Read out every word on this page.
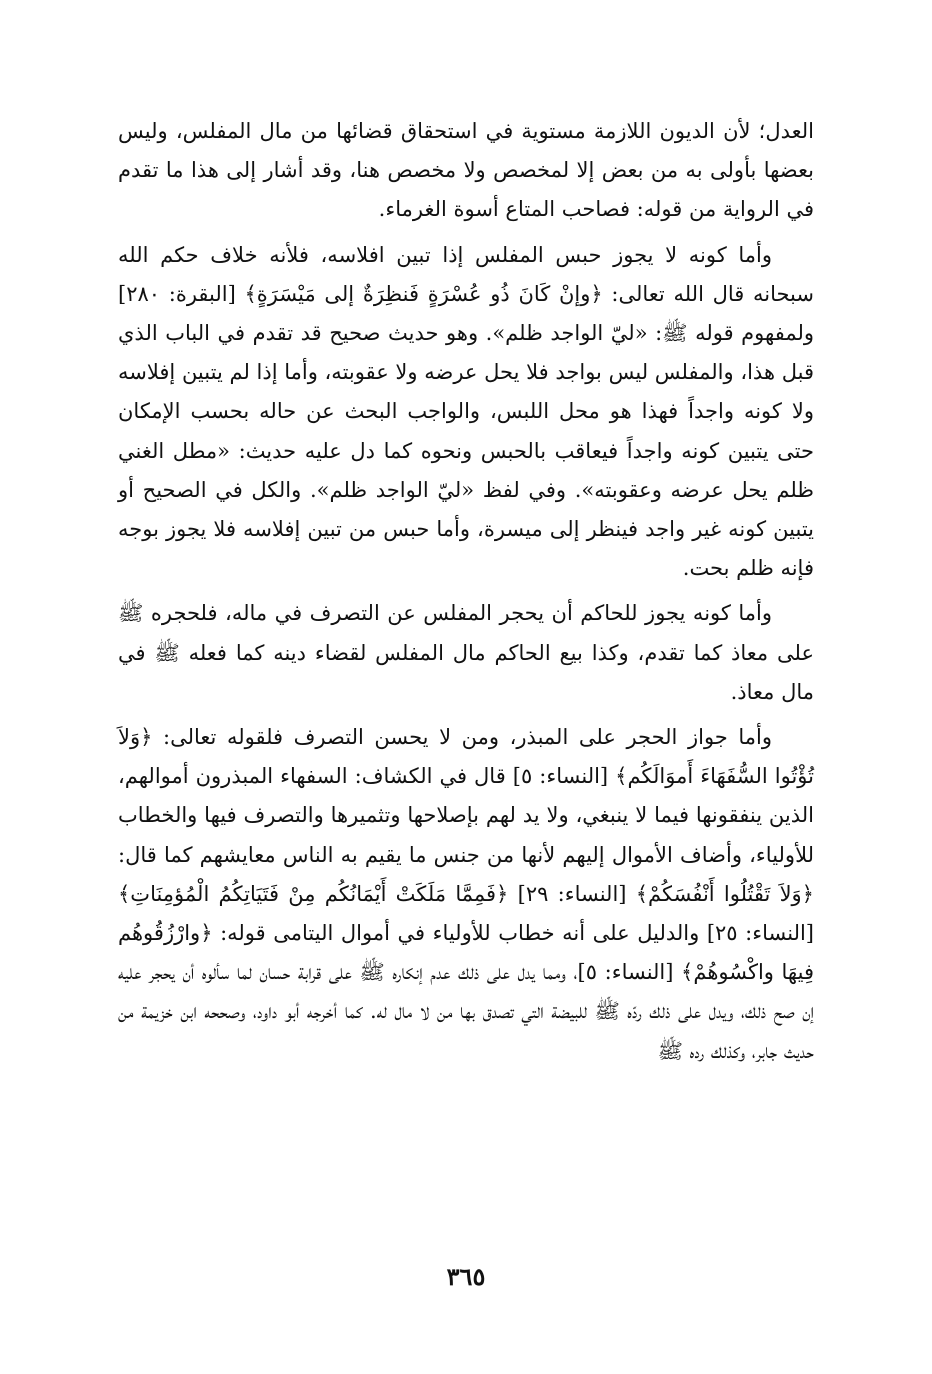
العدل؛ لأن الديون اللازمة مستوية في استحقاق قضائها من مال المفلس، وليس بعضها بأولى به من بعض إلا لمخصص ولا مخصص هنا، وقد أشار إلى هذا ما تقدم في الرواية من قوله: فصاحب المتاع أسوة الغرماء.

وأما كونه لا يجوز حبس المفلس إذا تبين افلاسه، فلأنه خلاف حكم الله سبحانه قال الله تعالى: ﴿وإنْ كَانَ ذُو عُسْرَةٍ فَنظِرَةٌ إلى مَيْسَرَةٍ﴾ [البقرة: ٢٨٠] ولمفهوم قوله ﷺ: «ليّ الواجد ظلم». وهو حديث صحيح قد تقدم في الباب الذي قبل هذا، والمفلس ليس بواجد فلا يحل عرضه ولا عقوبته، وأما إذا لم يتبين إفلاسه ولا كونه واجداً فهذا هو محل اللبس، والواجب البحث عن حاله بحسب الإمكان حتى يتبين كونه واجداً فيعاقب بالحبس ونحوه كما دل عليه حديث: «مطل الغني ظلم يحل عرضه وعقوبته». وفي لفظ «ليّ الواجد ظلم». والكل في الصحيح أو يتبين كونه غير واجد فينظر إلى ميسرة، وأما حبس من تبين إفلاسه فلا يجوز بوجه فإنه ظلم بحت.

وأما كونه يجوز للحاكم أن يحجر المفلس عن التصرف في ماله، فلحجره ﷺ على معاذ كما تقدم، وكذا بيع الحاكم مال المفلس لقضاء دينه كما فعله ﷺ في مال معاذ.

وأما جواز الحجر على المبذر، ومن لا يحسن التصرف فلقوله تعالى: ﴿وَلاَ تُؤْتُوا السُّفَهَاءَ أَموَالَكُم﴾ [النساء: ٥] قال في الكشاف: السفهاء المبذرون أموالهم، الذين ينفقونها فيما لا ينبغي، ولا يد لهم بإصلاحها وتثميرها والتصرف فيها والخطاب للأولياء، وأضاف الأموال إليهم لأنها من جنس ما يقيم به الناس معايشهم كما قال: ﴿وَلاَ تَقْتُلُوا أَنْفُسَكُمْ﴾ [النساء: ٢٩] ﴿فَمِمَّا مَلَكَتْ أَيْمَانُكُم مِنْ فَتَيَاتِكُمُ الْمُؤمِنَاتِ﴾ [النساء: ٢٥] والدليل على أنه خطاب للأولياء في أموال اليتامى قوله: ﴿وارْزُقُوهُم فِيهَا واكْسُوهُمْ﴾ [النساء: ٥]، ومما يدل على ذلك عدم إنكاره ﷺ على قرابة حسان لما سألوه أن يحجر عليه إن صح ذلك، ويدل على ذلك ردّه ﷺ للبيضة التي تصدق بها من لا مال له. كما أخرجه أبو داود، وصححه ابن خزيمة من حديث جابر، وكذلك رده ﷺ

٣٦٥
